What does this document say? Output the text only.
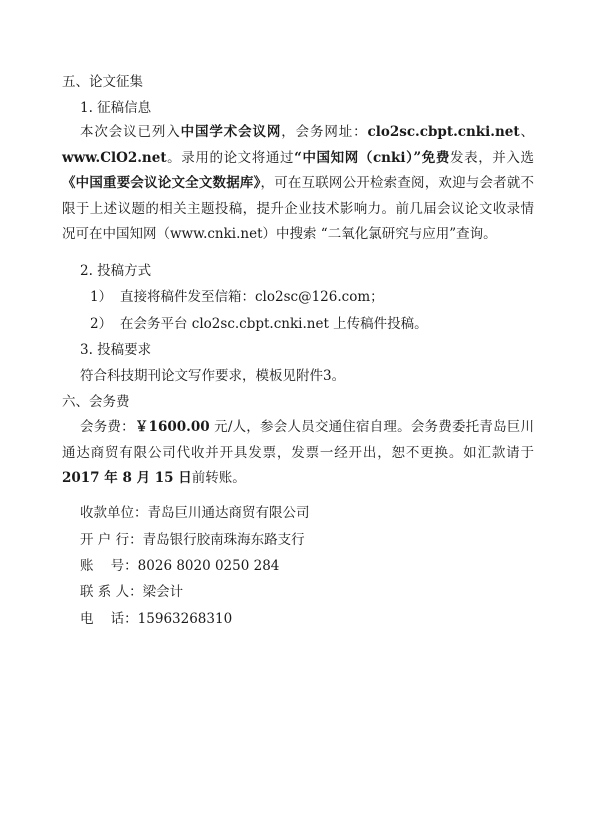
五、论文征集
1. 征稿信息
本次会议已列入中国学术会议网，会务网址：clo2sc.cbpt.cnki.net、www.ClO2.net。录用的论文将通过“中国知网（cnki）”免费发表，并入选《中国重要会议论文全文数据库》，可在互联网公开检索查阅，欢迎与会者就不限于上述议题的相关主题投稿，提升企业技术影响力。前几届会议论文收录情况可在中国知网（www.cnki.net）中搜索 “二氧化氯研究与应用”查询。
2. 投稿方式
1） 直接将稿件发至信箱：clo2sc@126.com；
2） 在会务平台 clo2sc.cbpt.cnki.net 上传稿件投稿。
3. 投稿要求
符合科技期刊论文写作要求，模板见附件3。
六、会务费
会务费：￥1600.00 元/人，参会人员交通住宿自理。会务费委托青岛巨川通达商贸有限公司代收并开具发票，发票一经开出，恕不更换。如汇款请于 2017 年 8 月 15 日前转账。
收款单位：青岛巨川通达商贸有限公司
开 户 行：青岛银行胶南珠海东路支行
账    号：8026 8020 0250 284
联 系 人：梁会计
电    话：15963268310
